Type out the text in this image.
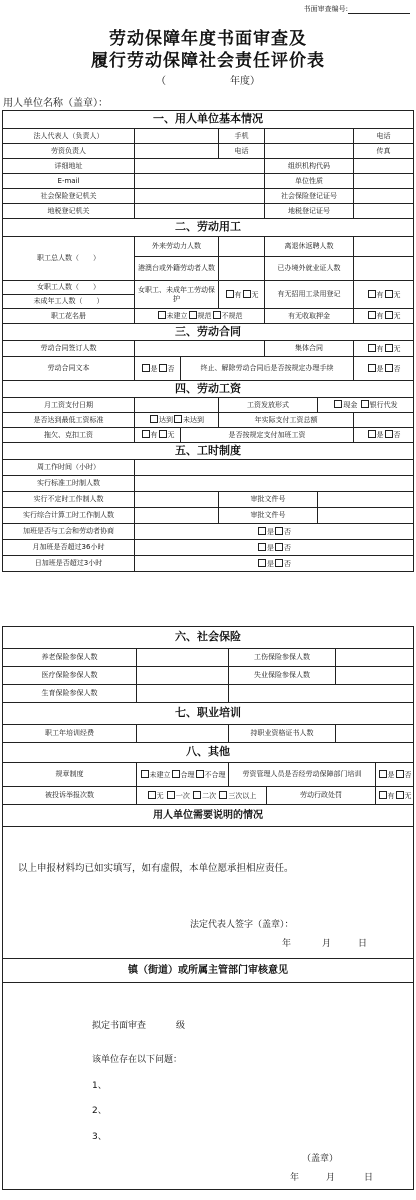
书面审查编号:
劳动保障年度书面审查及
履行劳动保障社会责任评价表
（	年度）
用人单位名称（盖章）：
一、用人单位基本情况						
法人代表人（负责人）			手机			电话
劳资负责人			电话			传真
详细地址				组织机构代码		
E-mail				单位性质		
社会保险登记机关				社会保险登记证号		
地税登记机关				地税登记证号		
二、劳动用工						
职工总人数（　　）	外来劳动力人数			离退休返聘人数		
	港澳台或外籍劳动者人数			已办境外就业证人数		
女职工人数（　　）	女职工、未成年工劳动保护		有 无	有无招用工录用登记		有 无
未成年工人数（　　）						
职工花名册	未建立 规范 不规范			有无收取押金		有 无
三、劳动合同						
劳动合同签订人数				集体合同		有 无
劳动合同文本	是 否	终止、解除劳动合同后是否按规定办理手续				是 否
四、劳动工资						
月工资支付日期			工资发放形式		现金 银行代发	
是否达到最低工资标准	达到 未达到		年实际支付工资总额			
拖欠、克扣工资	有 无	是否按规定支付加班工资				是 否
五、工时制度						
周工作时间（小时）						
实行标准工时制人数						
实行不定时工作制人数			审批文件号			
实行综合计算工时工作制人数			审批文件号			
加班是否与工会和劳动者协商	是 否					
月加班是否超过36小时	是 否					
日加班是否超过3小时	是 否					
六、社会保险					
养老保险参保人数		工伤保险参保人数			
医疗保险参保人数		失业保险参保人数			
生育保险参保人数					
七、职业培训					
职工年培训经费		持职业资格证书人数			
八、其他					
规章制度	未建立 合理 不合理	劳资管理人员是否经劳动保障部门培训			是 否
被投诉举报次数	无 一次 二次 三次以上		劳动行政处罚		有 无
用人单位需要说明的情况					

镇（街道）或所属主管部门审核意见					

以上申报材料均已如实填写，如有虚假，本单位愿承担相应责任。
法定代表人签字（盖章）：
年	月	日
拟定书面审查	级
该单位存在以下问题：
1、
2、
3、
（盖章）
年	月	日
